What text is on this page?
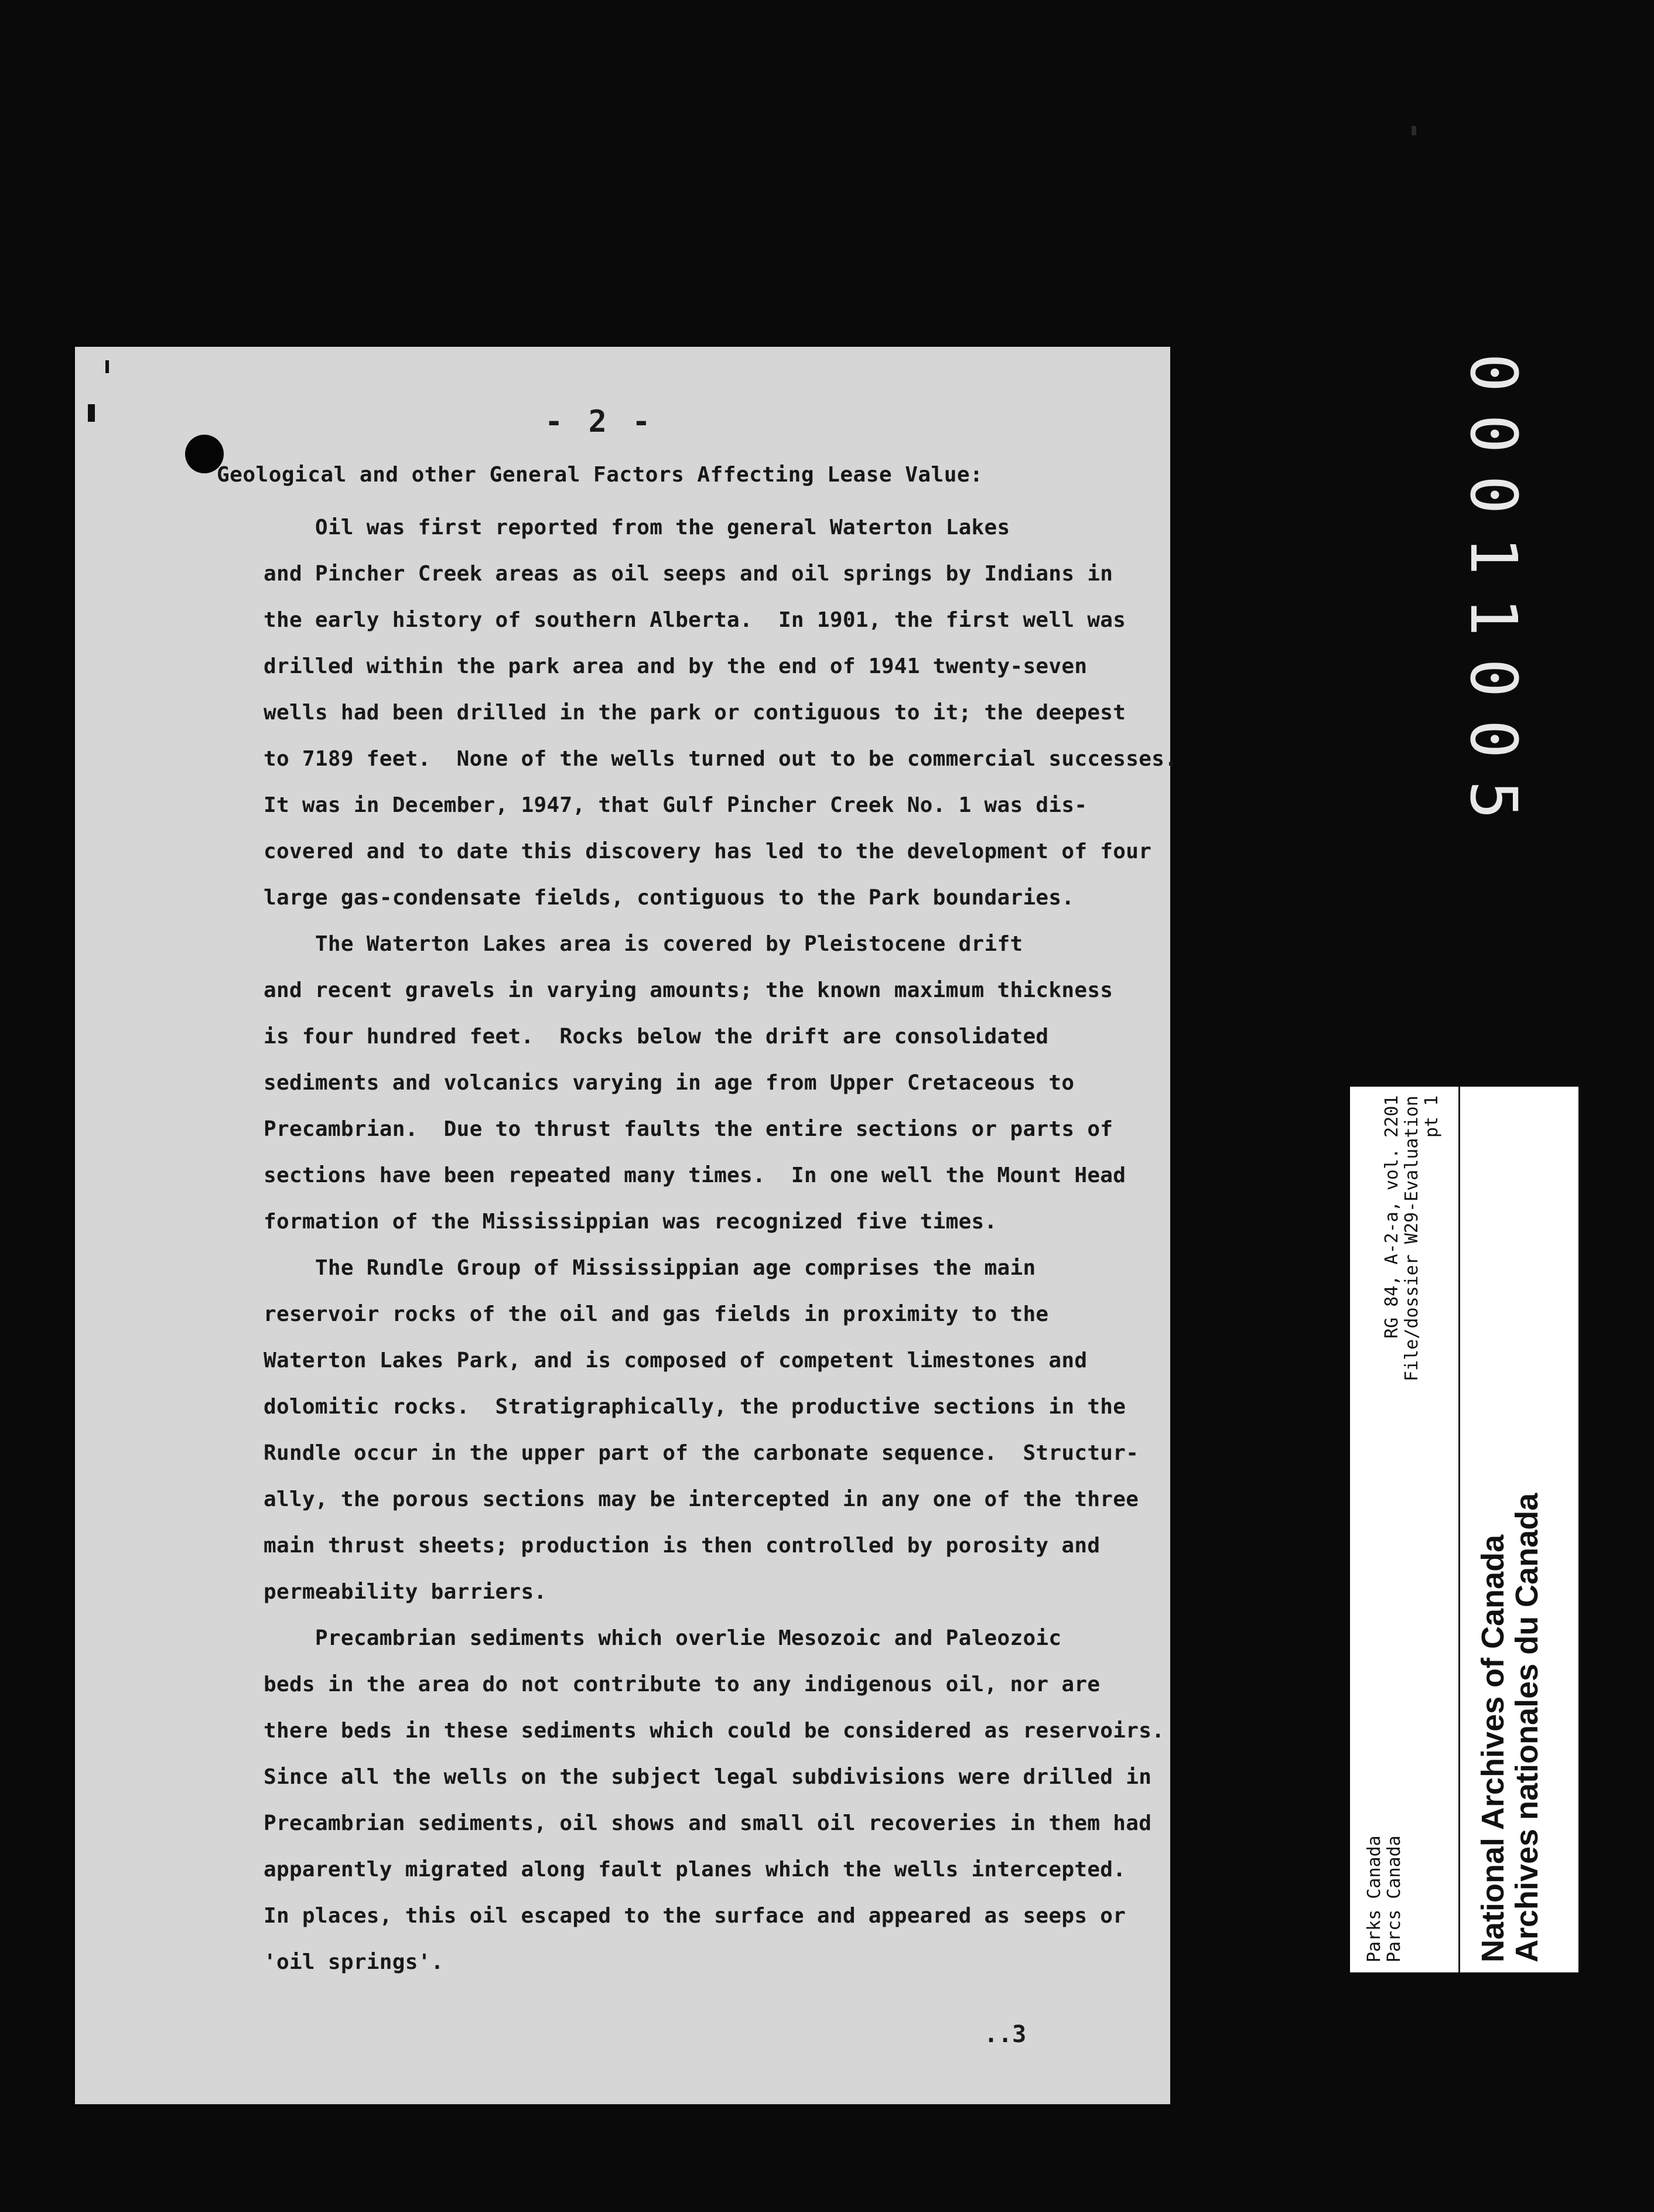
- 2 -
Geological and other General Factors Affecting Lease Value:
Oil was first reported from the general Waterton Lakes
and Pincher Creek areas as oil seeps and oil springs by Indians in
the early history of southern Alberta.  In 1901, the first well was
drilled within the park area and by the end of 1941 twenty-seven
wells had been drilled in the park or contiguous to it; the deepest
to 7189 feet.  None of the wells turned out to be commercial successes.
It was in December, 1947, that Gulf Pincher Creek No. 1 was dis-
covered and to date this discovery has led to the development of four
large gas-condensate fields, contiguous to the Park boundaries.
The Waterton Lakes area is covered by Pleistocene drift
and recent gravels in varying amounts; the known maximum thickness
is four hundred feet.  Rocks below the drift are consolidated
sediments and volcanics varying in age from Upper Cretaceous to
Precambrian.  Due to thrust faults the entire sections or parts of
sections have been repeated many times.  In one well the Mount Head
formation of the Mississippian was recognized five times.
The Rundle Group of Mississippian age comprises the main
reservoir rocks of the oil and gas fields in proximity to the
Waterton Lakes Park, and is composed of competent limestones and
dolomitic rocks.  Stratigraphically, the productive sections in the
Rundle occur in the upper part of the carbonate sequence.  Structur-
ally, the porous sections may be intercepted in any one of the three
main thrust sheets; production is then controlled by porosity and
permeability barriers.
Precambrian sediments which overlie Mesozoic and Paleozoic
beds in the area do not contribute to any indigenous oil, nor are
there beds in these sediments which could be considered as reservoirs.
Since all the wells on the subject legal subdivisions were drilled in
Precambrian sediments, oil shows and small oil recoveries in them had
apparently migrated along fault planes which the wells intercepted.
In places, this oil escaped to the surface and appeared as seeps or
'oil springs'.
..3
00011005
RG 84, A-2-a, vol. 2201 File/dossier W29-Evaluation pt 1
Parks Canada Parcs Canada National Archives of Canada
Archives nationales du Canada
